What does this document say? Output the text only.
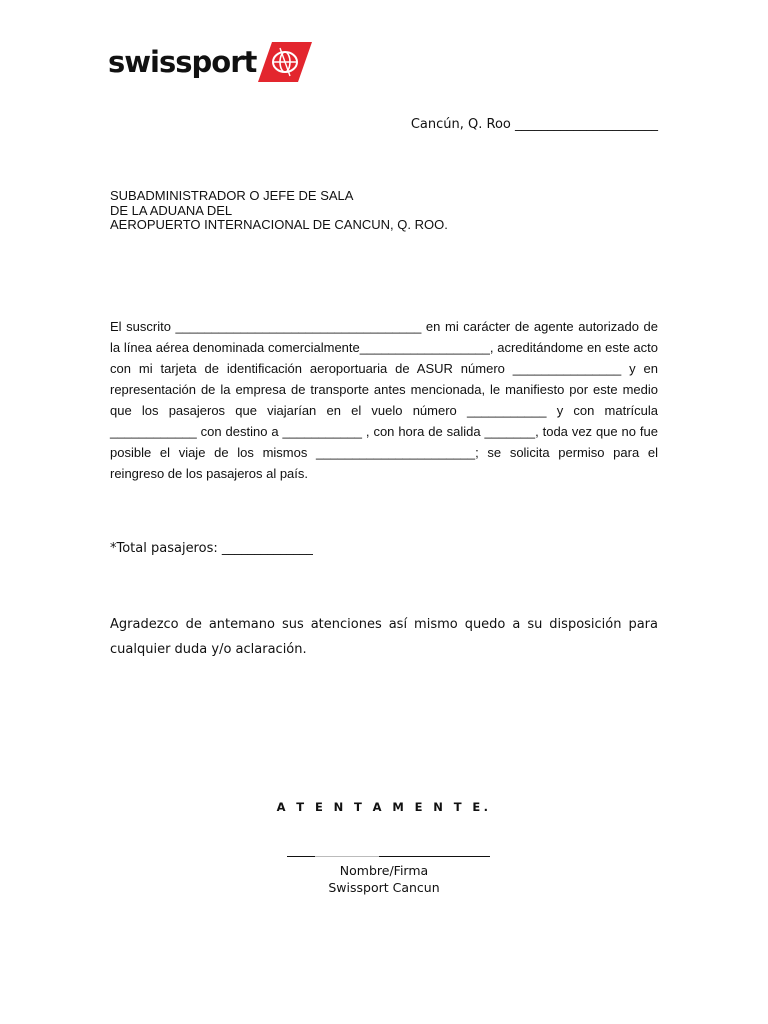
swissport
Cancún, Q. Roo ______________________
SUBADMINISTRADOR O JEFE DE SALA
DE LA ADUANA DEL
AEROPUERTO INTERNACIONAL DE CANCUN, Q. ROO.
El suscrito __________________________________ en mi carácter de agente autorizado de la línea aérea denominada comercialmente__________________, acreditándome en este acto con mi tarjeta de identificación aeroportuaria de ASUR número _______________ y en representación de la empresa de transporte antes mencionada, le manifiesto por este medio que los pasajeros que viajarían en el vuelo número ___________ y con matrícula ____________ con destino a ___________ , con hora de salida _______, toda vez que no fue posible el viaje de los mismos ______________________; se solicita permiso para el reingreso de los pasajeros al país.
*Total pasajeros: ______________
Agradezco de antemano sus atenciones así mismo quedo a su disposición para cualquier duda y/o aclaración.
A T E N T A M E N T E.
Nombre/Firma
Swissport Cancun
